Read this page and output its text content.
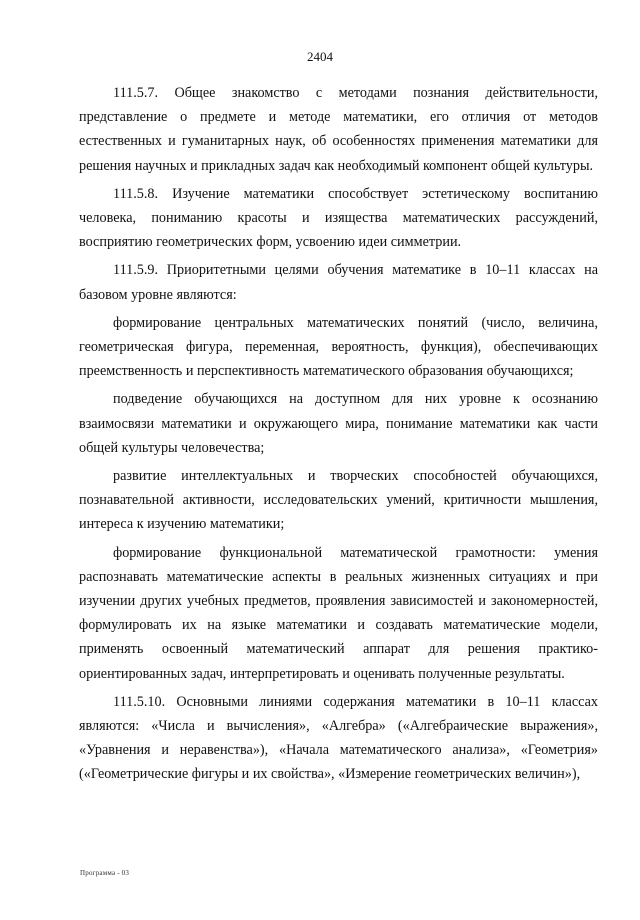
2404

111.5.7. Общее знакомство с методами познания действительности, представление о предмете и методе математики, его отличия от методов естественных и гуманитарных наук, об особенностях применения математики для решения научных и прикладных задач как необходимый компонент общей культуры.

111.5.8. Изучение математики способствует эстетическому воспитанию человека, пониманию красоты и изящества математических рассуждений, восприятию геометрических форм, усвоению идеи симметрии.

111.5.9. Приоритетными целями обучения математике в 10–11 классах на базовом уровне являются:

формирование центральных математических понятий (число, величина, геометрическая фигура, переменная, вероятность, функция), обеспечивающих преемственность и перспективность математического образования обучающихся;

подведение обучающихся на доступном для них уровне к осознанию взаимосвязи математики и окружающего мира, понимание математики как части общей культуры человечества;

развитие интеллектуальных и творческих способностей обучающихся, познавательной активности, исследовательских умений, критичности мышления, интереса к изучению математики;

формирование функциональной математической грамотности: умения распознавать математические аспекты в реальных жизненных ситуациях и при изучении других учебных предметов, проявления зависимостей и закономерностей, формулировать их на языке математики и создавать математические модели, применять освоенный математический аппарат для решения практико-ориентированных задач, интерпретировать и оценивать полученные результаты.

111.5.10. Основными линиями содержания математики в 10–11 классах являются: «Числа и вычисления», «Алгебра» («Алгебраические выражения», «Уравнения и неравенства»), «Начала математического анализа», «Геометрия» («Геометрические фигуры и их свойства», «Измерение геометрических величин»),

Программа - 03
